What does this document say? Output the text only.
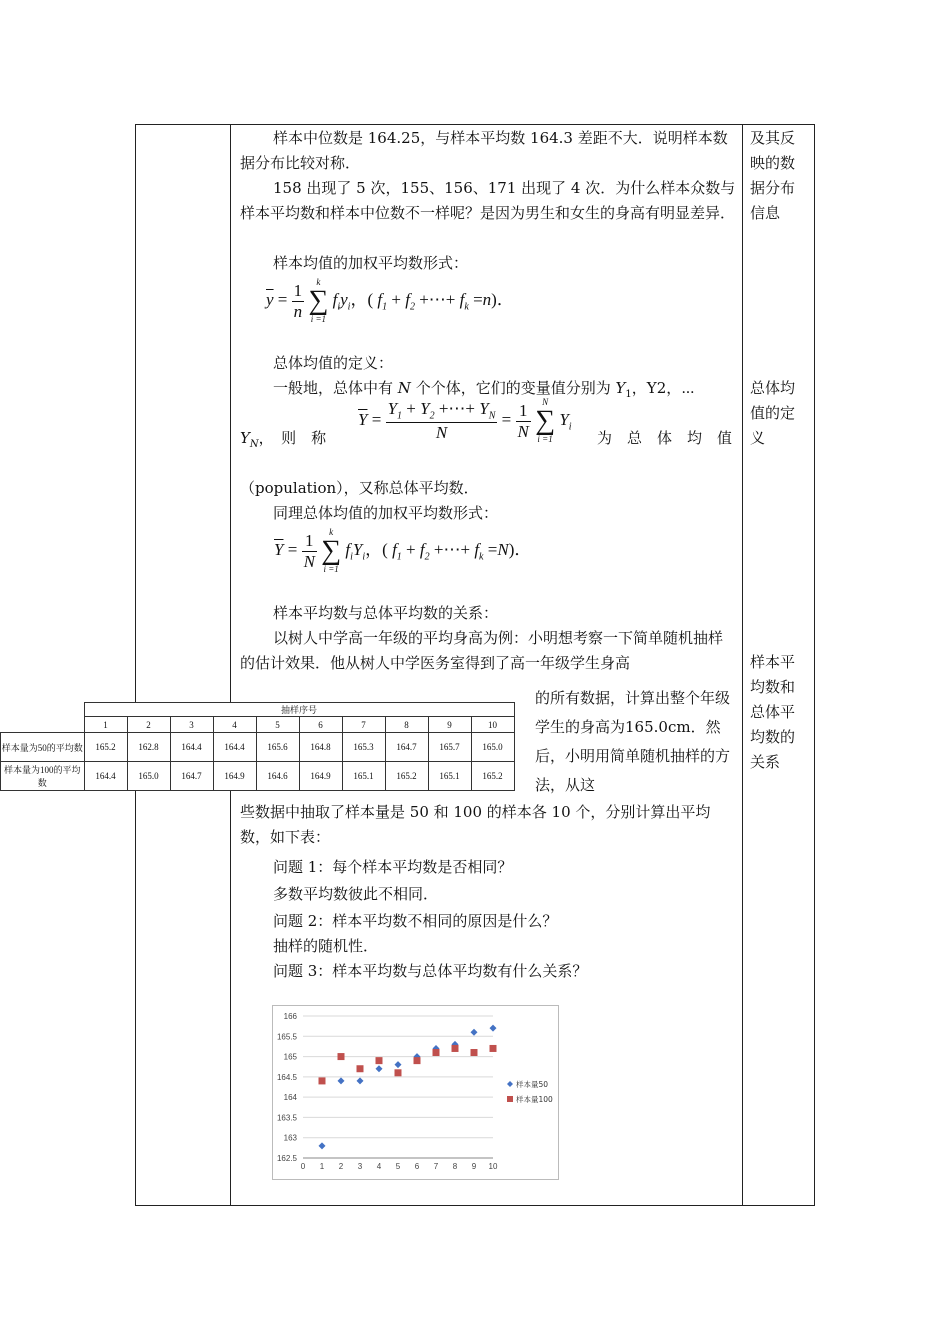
样本中位数是 164.25，与样本平均数 164.3 差距不大．说明样本数据分布比较对称．
158 出现了 5 次，155、156、171 出现了 4 次．为什么样本众数与样本平均数和样本中位数不一样呢？是因为男生和女生的身高有明显差异．
样本均值的加权平均数形式：
$\overline{y} = \frac{1}{n}$
	k
∑
i =1
$f_iy_i$，( $f_1 + f_2$ +⋯+ $f_k =n$)．
总体均值的定义：
一般地，总体中有 N 个个体，它们的变量值分别为 $Y_1$，Y2，⋯
$Y_N$，　则　称
$\overline{Y} = \frac{Y_1 + Y_2 +\cdots+ Y_N}{N} = \frac{1}{N}$
	N
∑
i =1
$Y_i$
为　总　体　均　值
（population），又称总体平均数．
同理总体均值的加权平均数形式：
$\overline{Y} = \frac{1}{N}$
	k
∑
i =1
$f_iY_i$，( $f_1 + f_2$ +⋯+ $f_k =N$)．
样本平均数与总体平均数的关系：
以树人中学高一年级的平均身高为例：小明想考察一下简单随机抽样的估计效果．他从树人中学医务室得到了高一年级学生身高
的所有数据，计算出整个年级学生的身高为165.0cm．然后，小明用简单随机抽样的方法，从这
些数据中抽取了样本量是 50 和 100 的样本各 10 个，分别计算出平均数，如下表：
问题 1：每个样本平均数是否相同？
多数平均数彼此不相同．
问题 2：样本平均数不相同的原因是什么？
抽样的随机性．
问题 3：样本平均数与总体平均数有什么关系？
及其反映的数据分布信息
总体均值的定义
样本平均数和总体平均数的关系
	抽样序号									
	1	2	3	4	5	6	7	8	9	10
样本量为50的平均数	165.2	162.8	164.4	164.4	165.6	164.8	165.3	164.7	165.7	165.0
样本量为100的平均数	164.4	165.0	164.7	164.9	164.6	164.9	165.1	165.2	165.1	165.2
162.5
163
163.5
164
164.5
165
165.5
166
0 1 2 3 4 5 6 7 8 9 10
样本量50
样本量100
